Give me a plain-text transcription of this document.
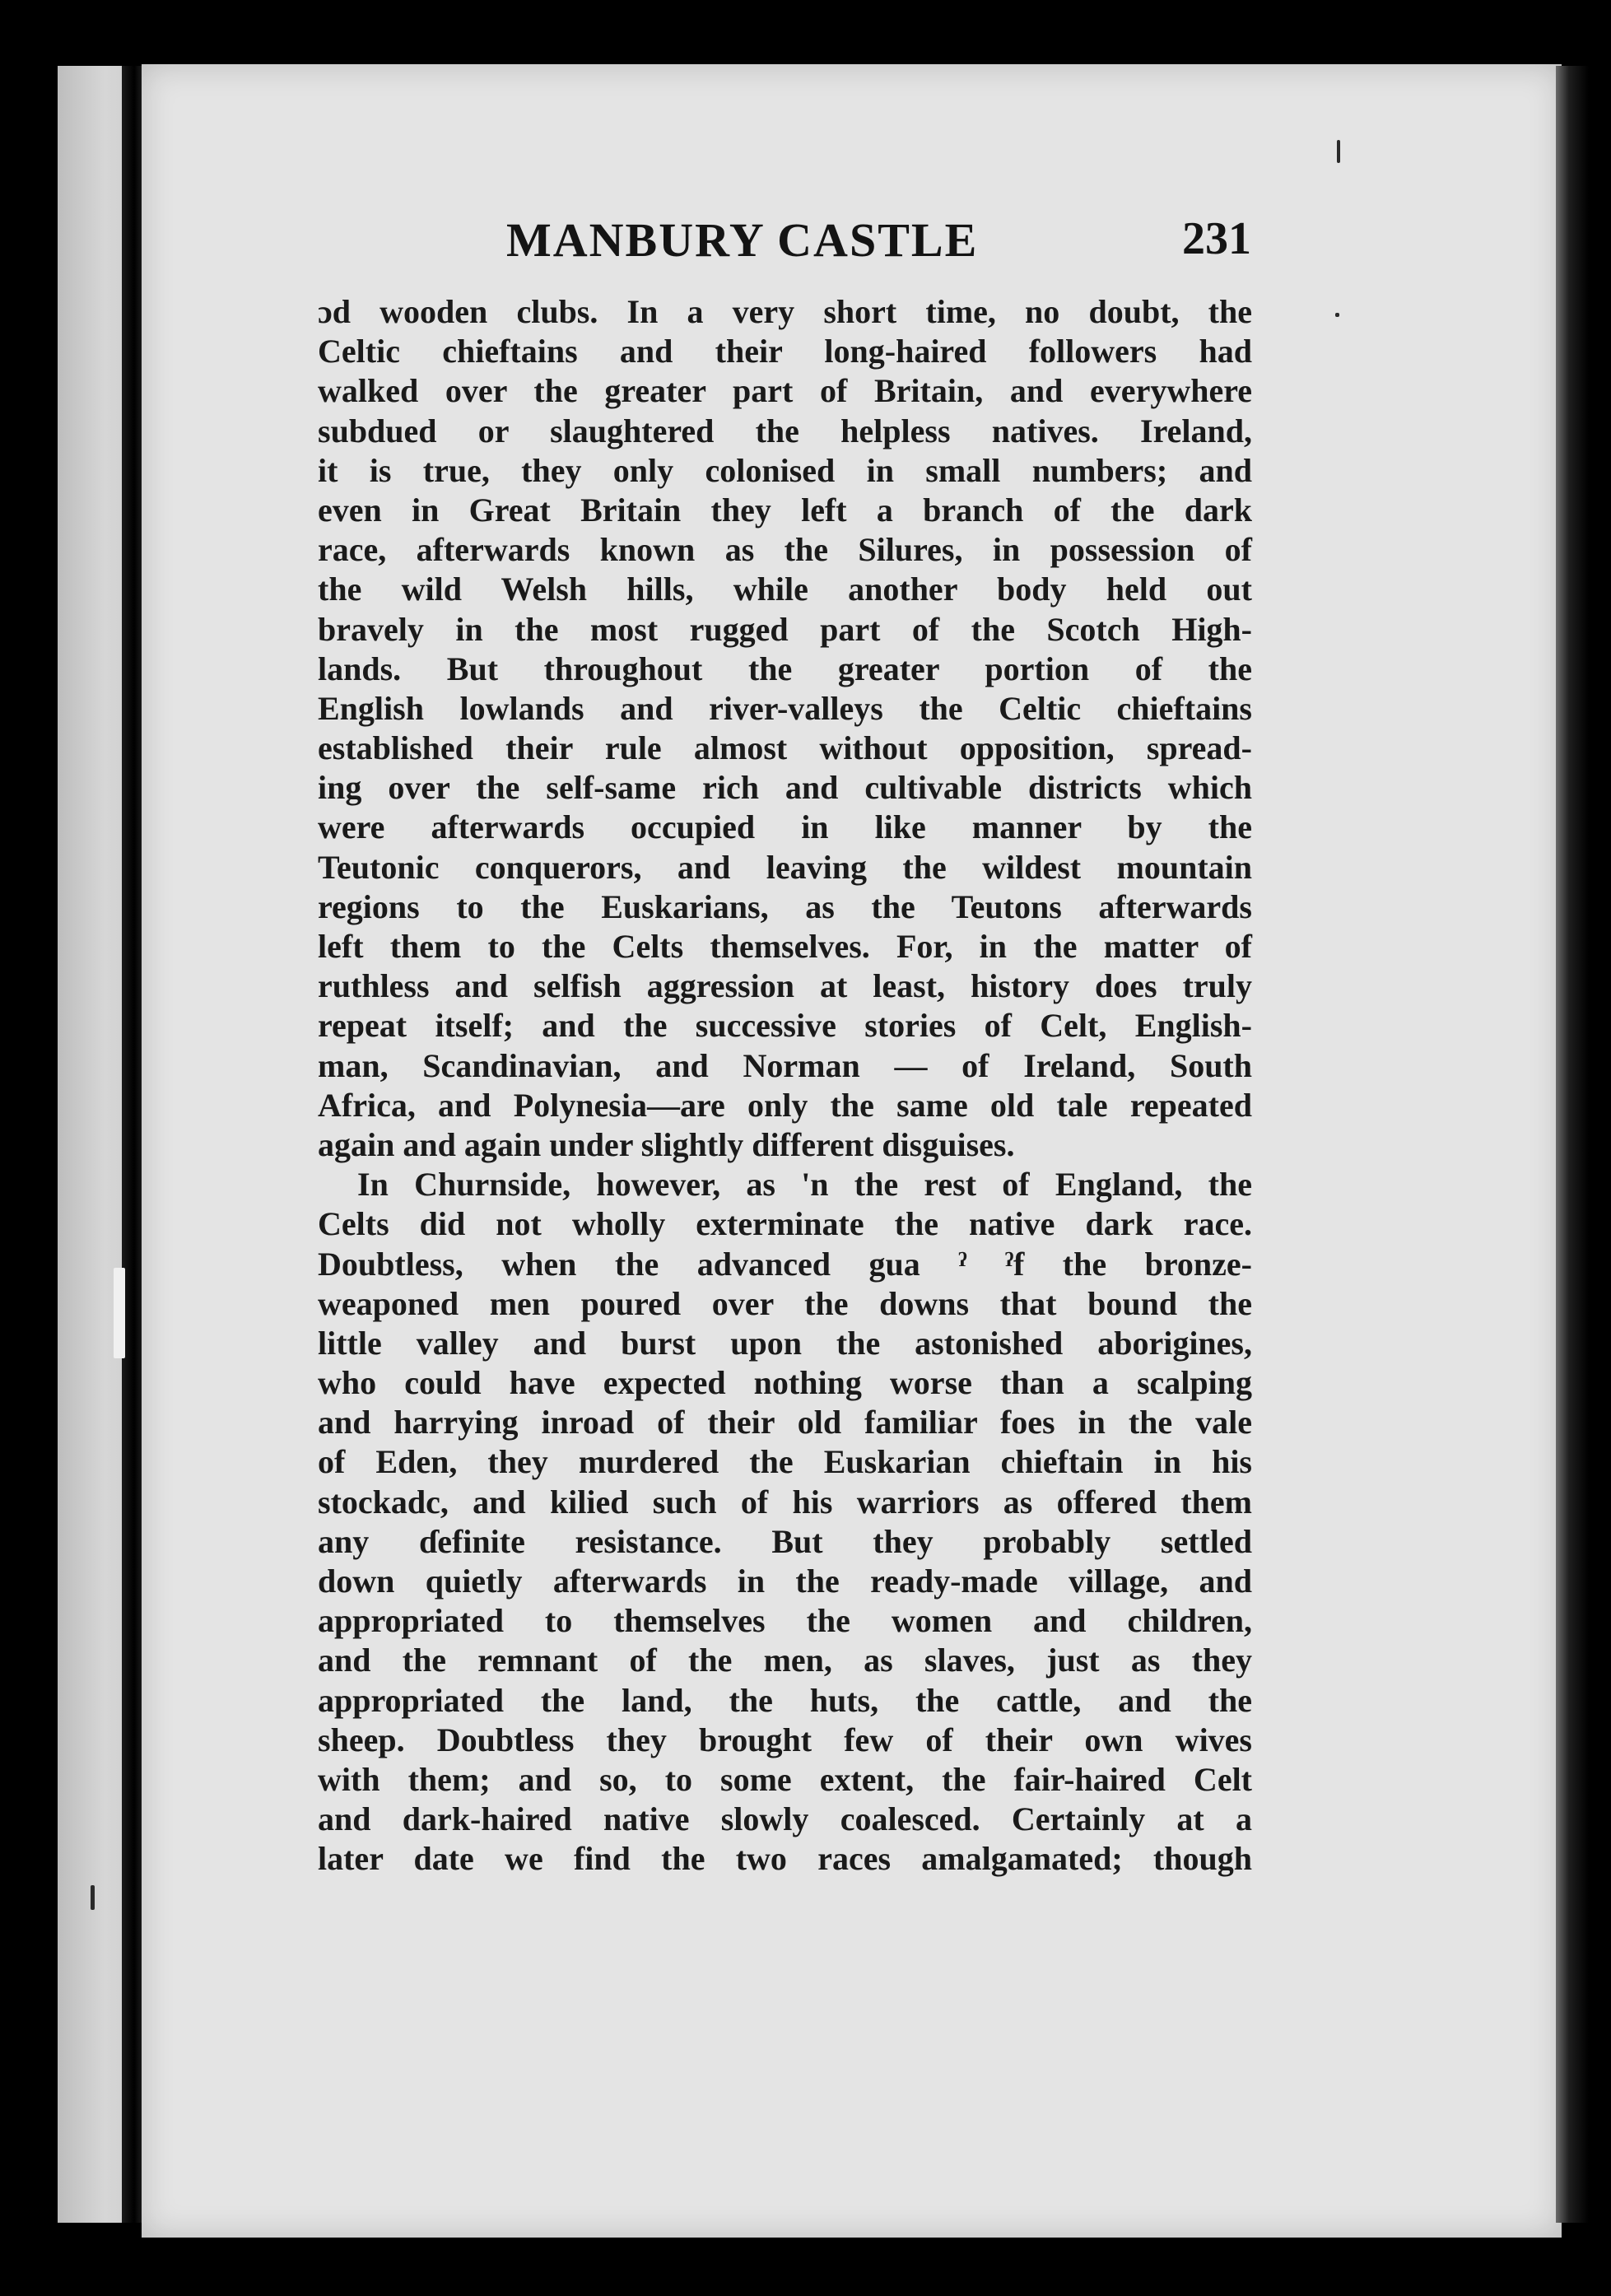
MANBURY CASTLE	231
ɔd wooden clubs. In a very short time, no doubt, the
Celtic chieftains and their long-haired followers had
walked over the greater part of Britain, and everywhere
subdued or slaughtered the helpless natives. Ireland,
it is true, they only colonised in small numbers; and
even in Great Britain they left a branch of the dark
race, afterwards known as the Silures, in possession of
the wild Welsh hills, while another body held out
bravely in the most rugged part of the Scotch High-
lands. But throughout the greater portion of the
English lowlands and river-valleys the Celtic chieftains
established their rule almost without opposition, spread-
ing over the self-same rich and cultivable districts which
were afterwards occupied in like manner by the
Teutonic conquerors, and leaving the wildest mountain
regions to the Euskarians, as the Teutons afterwards
left them to the Celts themselves. For, in the matter of
ruthless and selfish aggression at least, history does truly
repeat itself; and the successive stories of Celt, English-
man, Scandinavian, and Norman — of Ireland, South
Africa, and Polynesia—are only the same old tale repeated
again and again under slightly different disguises.
In Churnside, however, as 'n the rest of England, the
Celts did not wholly exterminate the native dark race.
Doubtless, when the advanced gua ˀ ˀf the bronze-
weaponed men poured over the downs that bound the
little valley and burst upon the astonished aborigines,
who could have expected nothing worse than a scalping
and harrying inroad of their old familiar foes in the vale
of Eden, they murdered the Euskarian chieftain in his
stockadc, and kilied such of his warriors as offered them
any ɗefinite resistance. But they probably settled
down quietly afterwards in the ready-made village, and
appropriated to themselves the women and children,
and the remnant of the men, as slaves, just as they
appropriated the land, the huts, the cattle, and the
sheep. Doubtless they brought few of their own wives
with them; and so, to some extent, the fair-haired Celt
and dark-haired native slowly coalesced. Certainly at a
later date we find the two races amalgamated; though
